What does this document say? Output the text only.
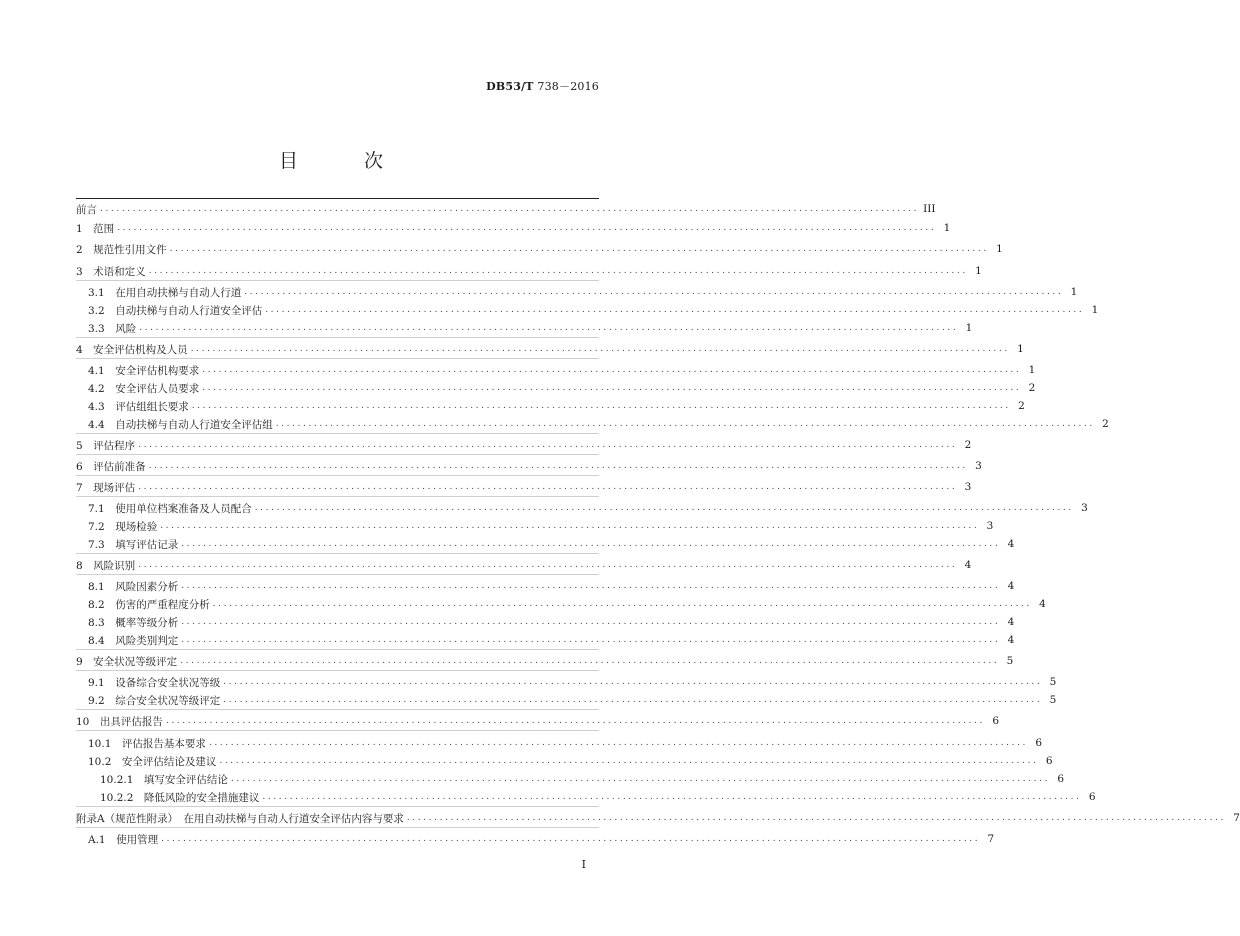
DB53/T 738－2016
目 次
前言 ...................................................................................................................................................... III
1　范围 ...................................................................................................................................................... 1
2　规范性引用文件 ...................................................................................................................................................... 1
3　术语和定义 ...................................................................................................................................................... 1
3.1　在用自动扶梯与自动人行道 ...................................................................................................................................................... 1
3.2　自动扶梯与自动人行道安全评估 ...................................................................................................................................................... 1
3.3　风险 ...................................................................................................................................................... 1
4　安全评估机构及人员 ...................................................................................................................................................... 1
4.1　安全评估机构要求 ...................................................................................................................................................... 1
4.2　安全评估人员要求 ...................................................................................................................................................... 2
4.3　评估组组长要求 ...................................................................................................................................................... 2
4.4　自动扶梯与自动人行道安全评估组 ...................................................................................................................................................... 2
5　评估程序 ...................................................................................................................................................... 2
6　评估前准备 ...................................................................................................................................................... 3
7　现场评估 ...................................................................................................................................................... 3
7.1　使用单位档案准备及人员配合 ...................................................................................................................................................... 3
7.2　现场检验 ...................................................................................................................................................... 3
7.3　填写评估记录 ...................................................................................................................................................... 4
8　风险识别 ...................................................................................................................................................... 4
8.1　风险因素分析 ...................................................................................................................................................... 4
8.2　伤害的严重程度分析 ...................................................................................................................................................... 4
8.3　概率等级分析 ...................................................................................................................................................... 4
8.4　风险类别判定 ...................................................................................................................................................... 4
9　安全状况等级评定 ...................................................................................................................................................... 5
9.1　设备综合安全状况等级 ...................................................................................................................................................... 5
9.2　综合安全状况等级评定 ...................................................................................................................................................... 5
10　出具评估报告 ...................................................................................................................................................... 6
10.1　评估报告基本要求 ...................................................................................................................................................... 6
10.2　安全评估结论及建议 ...................................................................................................................................................... 6
10.2.1　填写安全评估结论 ...................................................................................................................................................... 6
10.2.2　降低风险的安全措施建议 ...................................................................................................................................................... 6
附录A（规范性附录）　在用自动扶梯与自动人行道安全评估内容与要求 ...................................................................................................................................................... 7
A.1　使用管理 ...................................................................................................................................................... 7
I
